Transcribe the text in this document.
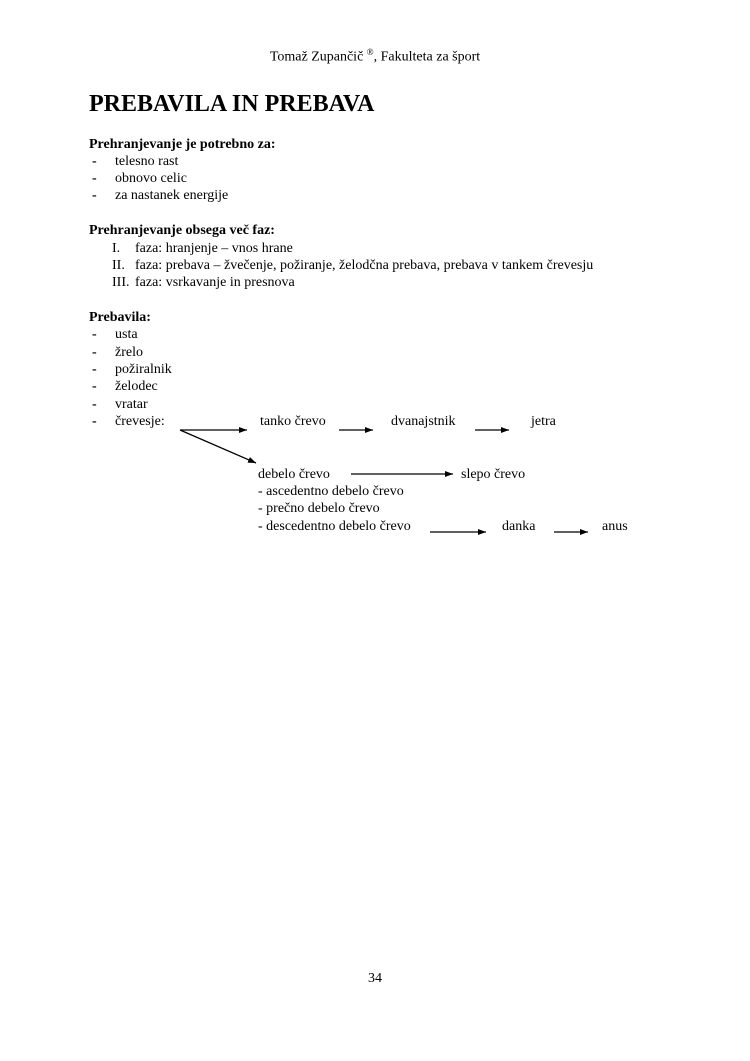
Tomaž Zupančič ®, Fakulteta za šport
PREBAVILA IN PREBAVA
Prehranjevanje je potrebno za:
- telesno rast
- obnovo celic
- za nastanek energije
Prehranjevanje obsega več faz:
I. faza: hranjenje – vnos hrane
II. faza: prebava – žvečenje, požiranje, želodčna prebava, prebava v tankem črevesju
III. faza: vsrkavanje in presnova
Prebavila:
- usta
- žrelo
- požiralnik
- želodec
- vratar
- črevesje:	tanko črevo	dvanajstnik	jetra
debelo črevo	slepo črevo
- ascedentno debelo črevo
- prečno debelo črevo
- descedentno debelo črevo	danka	anus
34
